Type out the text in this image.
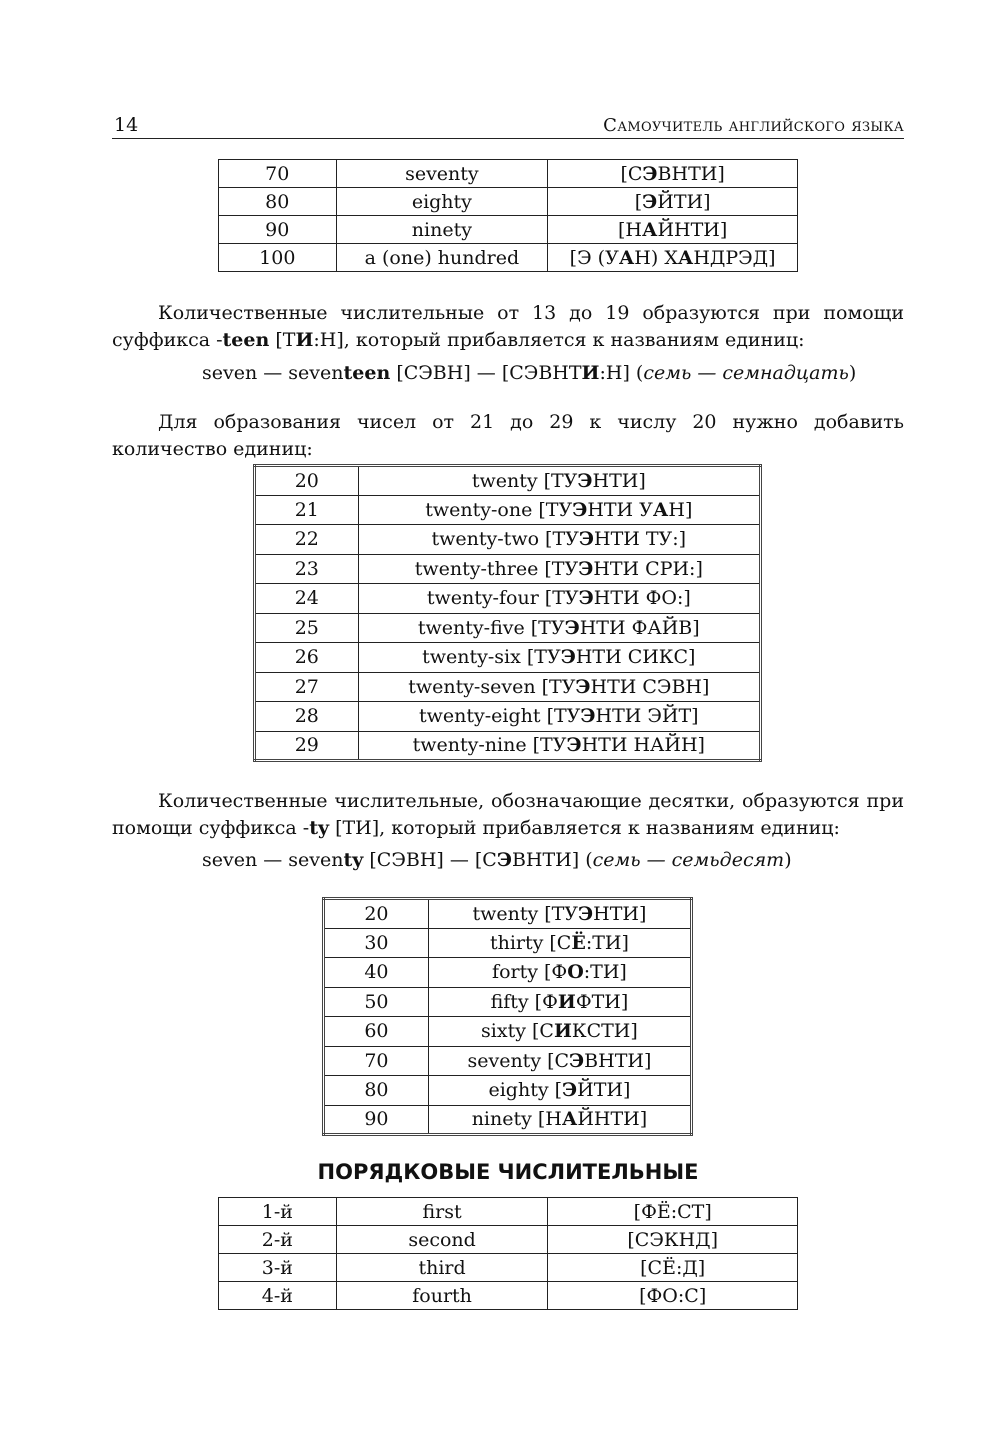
14	Самоучитель английского языка
70	seventy	[СЭВНТИ]
80	eighty	[ЭЙТИ]
90	ninety	[НАЙНТИ]
100	a (one) hundred	[Э (УАН) ХАНДРЭД]
Количественные числительные от 13 до 19 образуются при помощи суффикса -teen [ТИ:Н], который прибавляется к названиям единиц:
seven — seventeen [СЭВН] — [СЭВНТИ:Н] (семь — семнадцать)
Для образования чисел от 21 до 29 к числу 20 нужно добавить количество единиц:
20	twenty [ТУЭНТИ]
21	twenty-one [ТУЭНТИ УАН]
22	twenty-two [ТУЭНТИ ТУ:]
23	twenty-three [ТУЭНТИ СРИ:]
24	twenty-four [ТУЭНТИ ФО:]
25	twenty-five [ТУЭНТИ ФАЙВ]
26	twenty-six [ТУЭНТИ СИКС]
27	twenty-seven [ТУЭНТИ СЭВН]
28	twenty-eight [ТУЭНТИ ЭЙТ]
29	twenty-nine [ТУЭНТИ НАЙН]
Количественные числительные, обозначающие десятки, образуются при помощи суффикса -ty [ТИ], который прибавляется к названиям единиц:
seven — seventy [СЭВН] — [СЭВНТИ] (семь — семьдесят)
20	twenty [ТУЭНТИ]
30	thirty [СЁ:ТИ]
40	forty [ФО:ТИ]
50	fifty [ФИФТИ]
60	sixty [СИКСТИ]
70	seventy [СЭВНТИ]
80	eighty [ЭЙТИ]
90	ninety [НАЙНТИ]
ПОРЯДКОВЫЕ ЧИСЛИТЕЛЬНЫЕ
1-й	first	[ФЁ:СТ]
2-й	second	[СЭКНД]
3-й	third	[СЁ:Д]
4-й	fourth	[ФО:С]
